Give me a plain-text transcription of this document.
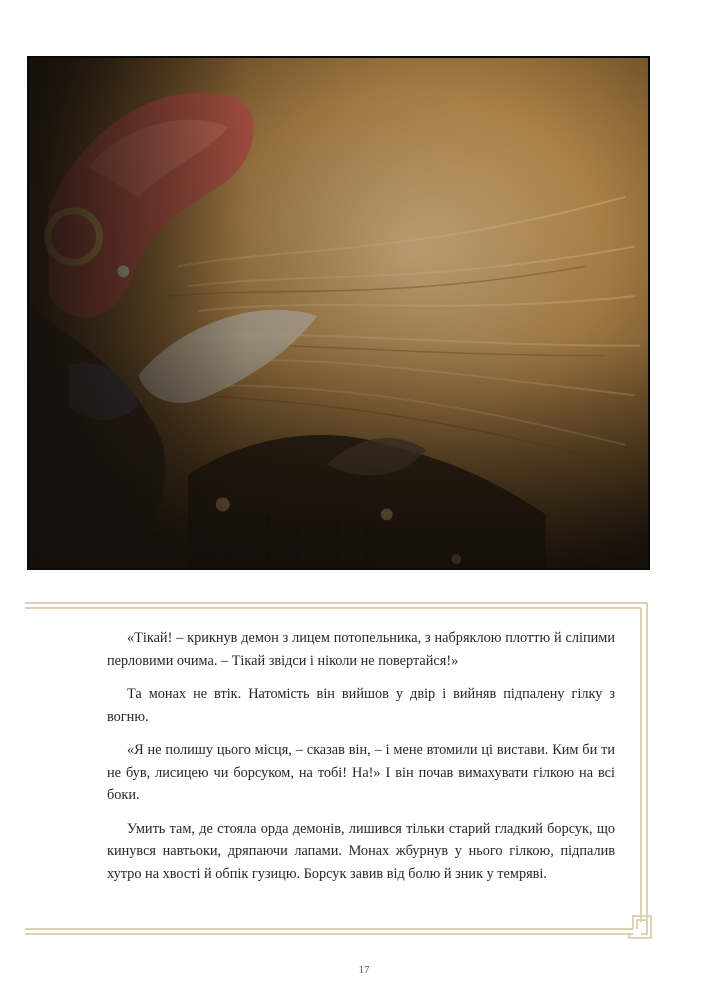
«Тікай! – крикнув демон з лицем потопельника, з набряклою плоттю й сліпими перловими очима. – Тікай звідси і ніколи не повертайся!»

Та монах не втік. Натомість він вийшов у двір і вийняв підпалену гілку з вогню.

«Я не полишу цього місця, – сказав він, – і мене втомили ці вистави. Ким би ти не був, лисицею чи борсуком, на тобі! На!» І він почав вимахувати гілкою на всі боки.

Умить там, де стояла орда демонів, лишився тільки старий гладкий борсук, що кинувся навтьоки, дряпаючи лапами. Монах жбурнув у нього гілкою, підпалив хутро на хвості й обпік гузицю. Борсук завив від болю й зник у темряві.

17
